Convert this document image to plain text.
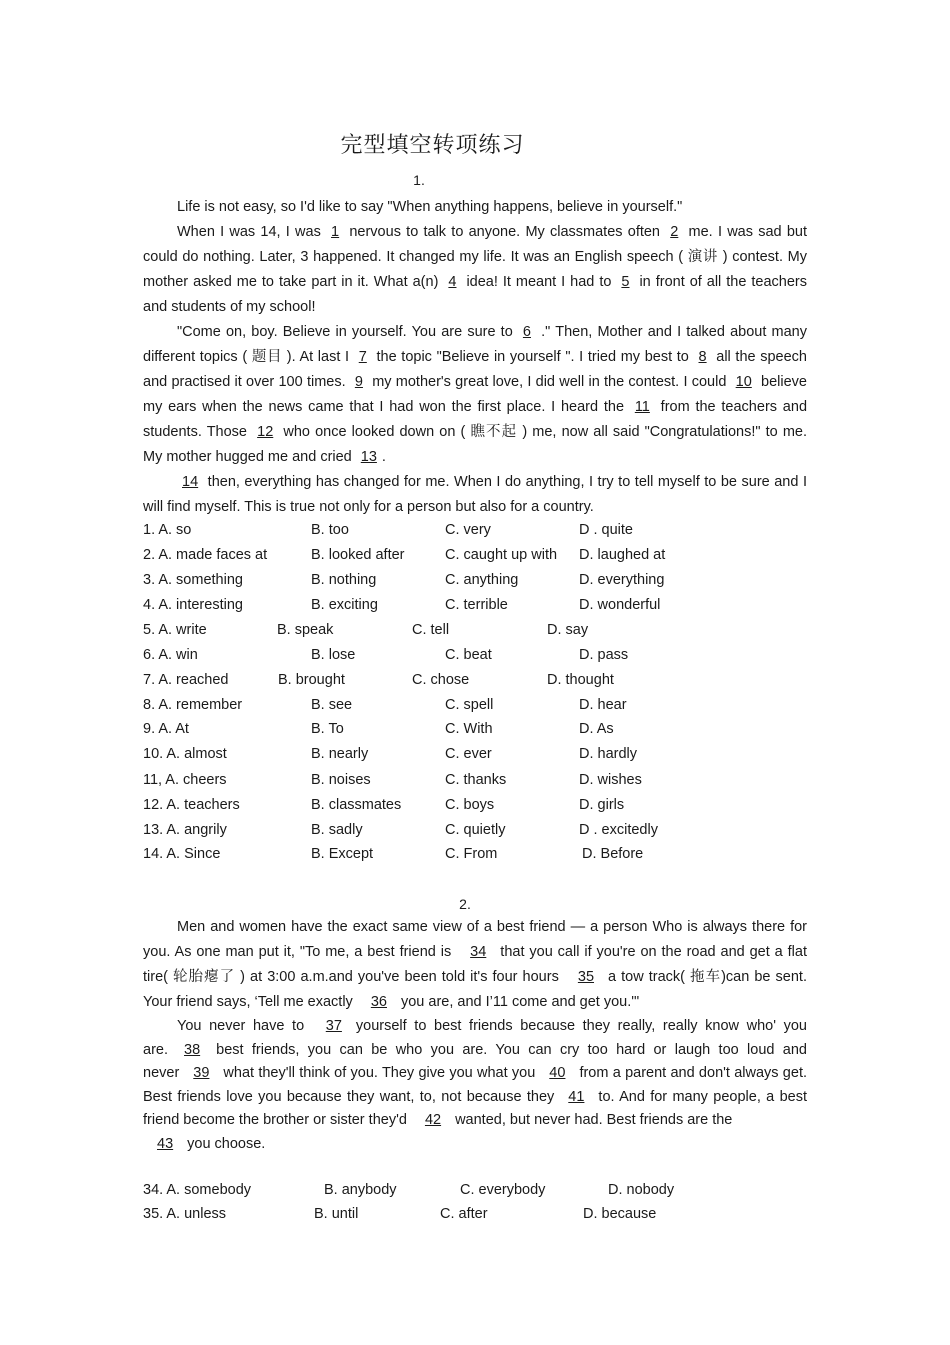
完型填空转项练习
1.

Life is not easy, so I'd like to say "When anything happens, believe in yourself."

When I was 14, I was 1 nervous to talk to anyone. My classmates often 2 me. I was sad but could do nothing. Later, 3 happened. It changed my life. It was an English speech ( 演讲 ) contest. My mother asked me to take part in it. What a(n) 4 idea! It meant I had to 5 in front of all the teachers and students of my school!

"Come on, boy. Believe in yourself. You are sure to 6 ." Then, Mother and I talked about many different topics ( 题目 ). At last I 7 the topic "Believe in yourself ". I tried my best to 8 all the speech and practised it over 100 times. 9 my mother's great love, I did well in the contest. I could 10 believe my ears when the news came that I had won the first place. I heard the 11 from the teachers and students. Those 12 who once looked down on ( 瞧不起 ) me, now all said "Congratulations!" to me. My mother hugged me and cried 13 .

14 then, everything has changed for me. When I do anything, I try to tell myself to be sure and I will find myself. This is true not only for a person but also for a country.

1. A. so	B. too	C. very	D . quite
2. A. made faces at	B. looked after	C. caught up with D. laughed at
3. A. something	B. nothing	C. anything	D. everything
4. A. interesting	B. exciting	C. terrible	D. wonderful
5. A. write	B. speak	C. tell	D. say
6. A. win	B. lose	C. beat	D. pass
7. A. reached	B. brought	C. chose	D. thought
8. A. remember	B. see	C. spell	D. hear
9. A. At	B. To	C. With	D. As
10. A. almost	B. nearly	C. ever	D. hardly
11, A. cheers	B. noises	C. thanks	D. wishes
12. A. teachers	B. classmates	C. boys	D. girls
13. A. angrily	B. sadly	C. quietly	D . excitedly
14. A. Since	B. Except	C. From	D. Before
2.

Men and women have the exact same view of a best friend — a person Who is always there for you. As one man put it, "To me, a best friend is 34 that you call if you're on the road and get a flat tire( 轮胎瘪了 ) at 3:00 a.m.and you've been told it's four hours 35 a tow track( 拖车)can be sent. Your friend says, ‘Tell me exactly 36 you are, and I’11 come and get you.'"

You never have to 37 yourself to best friends because they really, really know who' you are. 38 best friends, you can be who you are. You can cry too hard or laugh too loud and never 39 what they'll think of you. They give you what you 40 from a parent and don't always get. Best friends love you because they want, to, not because they 41 to. And for many people, a best friend become the brother or sister they'd 42 wanted, but never had. Best friends are the
43 you choose.

34. A. somebody	B. anybody	C. everybody	D. nobody
35. A. unless	B. until	C. after	D. because
